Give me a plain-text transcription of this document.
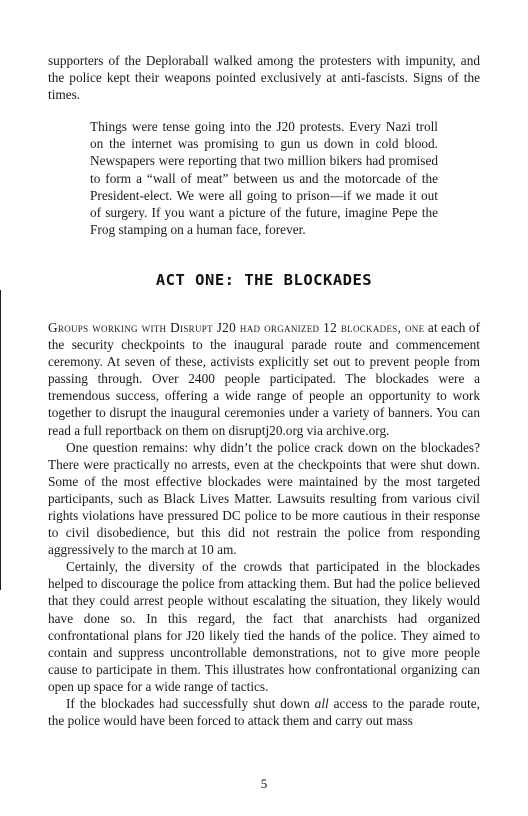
supporters of the Deploraball walked among the protesters with impunity, and the police kept their weapons pointed exclusively at anti-fascists. Signs of the times.

Things were tense going into the J20 protests. Every Nazi troll on the internet was promising to gun us down in cold blood. Newspapers were reporting that two million bikers had promised to form a “wall of meat” between us and the motorcade of the President-elect. We were all going to prison—if we made it out of surgery. If you want a picture of the future, imagine Pepe the Frog stamping on a human face, forever.

ACT ONE: THE BLOCKADES

Groups working with Disrupt J20 had organized 12 blockades, one at each of the security checkpoints to the inaugural parade route and commencement ceremony. At seven of these, activists explicitly set out to prevent people from passing through. Over 2400 people participated. The blockades were a tremendous success, offering a wide range of people an opportunity to work together to disrupt the inaugural ceremonies under a variety of banners. You can read a full reportback on them on disruptj20.org via archive.org.

One question remains: why didn’t the police crack down on the blockades? There were practically no arrests, even at the checkpoints that were shut down. Some of the most effective blockades were maintained by the most targeted participants, such as Black Lives Matter. Lawsuits resulting from various civil rights violations have pressured DC police to be more cautious in their response to civil disobedience, but this did not restrain the police from responding aggressively to the march at 10 am.

Certainly, the diversity of the crowds that participated in the blockades helped to discourage the police from attacking them. But had the police believed that they could arrest people without escalating the situation, they likely would have done so. In this regard, the fact that anarchists had organized confrontational plans for J20 likely tied the hands of the police. They aimed to contain and suppress uncontrollable demonstrations, not to give more people cause to participate in them. This illustrates how confrontational organizing can open up space for a wide range of tactics.

If the blockades had successfully shut down all access to the parade route, the police would have been forced to attack them and carry out mass

5
